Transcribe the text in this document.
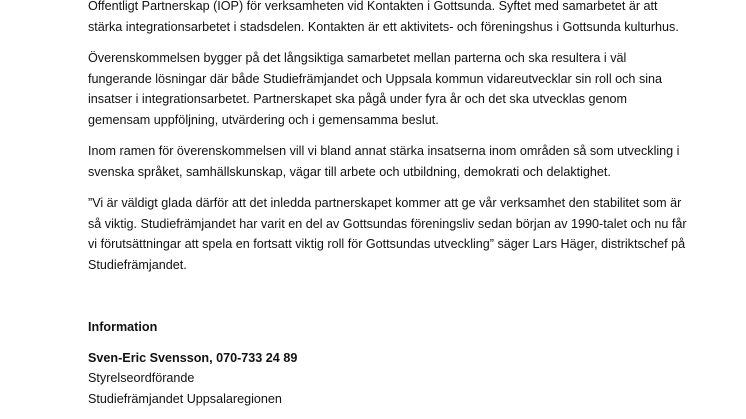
Offentligt Partnerskap (IOP) för verksamheten vid Kontakten i Gottsunda. Syftet med samarbetet är att stärka integrationsarbetet i stadsdelen. Kontakten är ett aktivitets- och föreningshus i Gottsunda kulturhus.

Överenskommelsen bygger på det långsiktiga samarbetet mellan parterna och ska resultera i väl fungerande lösningar där både Studiefrämjandet och Uppsala kommun vidareutvecklar sin roll och sina insatser i integrationsarbetet. Partnerskapet ska pågå under fyra år och det ska utvecklas genom gemensam uppföljning, utvärdering och i gemensamma beslut.

Inom ramen för överenskommelsen vill vi bland annat stärka insatserna inom områden så som utveckling i svenska språket, samhällskunskap, vägar till arbete och utbildning, demokrati och delaktighet.

”Vi är väldigt glada därför att det inledda partnerskapet kommer att ge vår verksamhet den stabilitet som är så viktig. Studiefrämjandet har varit en del av Gottsundas föreningsliv sedan början av 1990-talet och nu får vi förutsättningar att spela en fortsatt viktig roll för Gottsundas utveckling” säger Lars Häger, distriktschef på Studiefrämjandet.

Information

Sven-Eric Svensson, 070-733 24 89

Styrelseordförande

Studiefrämjandet Uppsalaregionen
